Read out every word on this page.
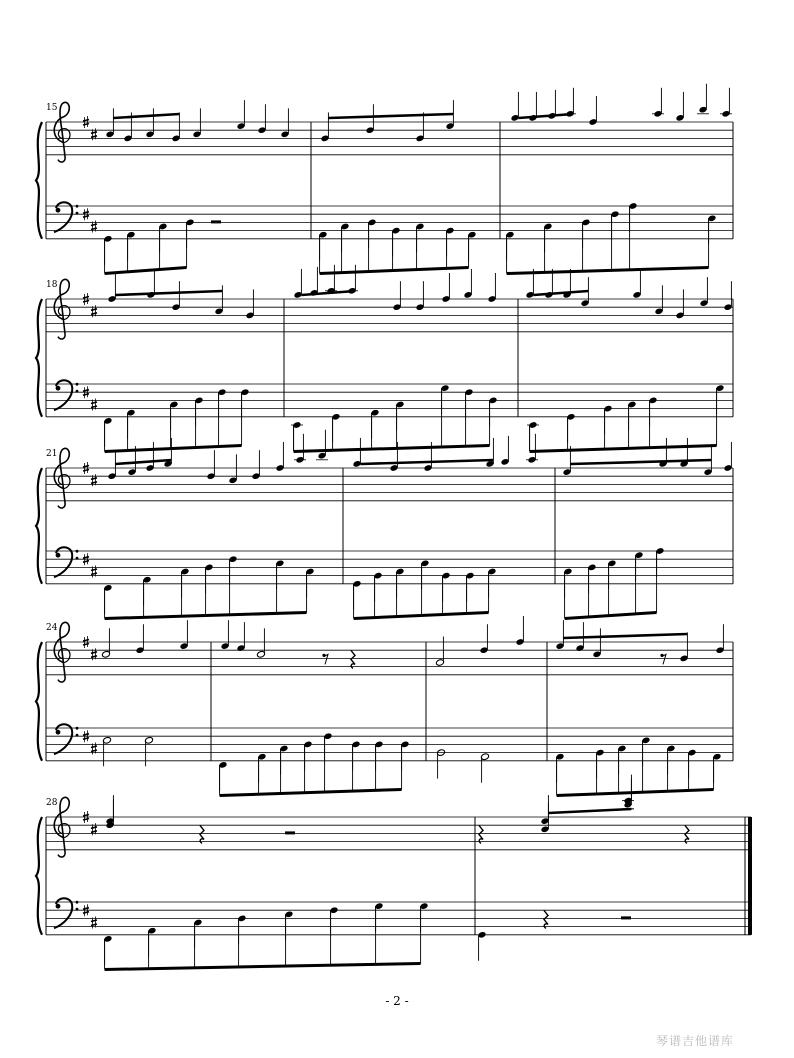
15
18
21
24
28
- 2 -
琴谱吉他谱库
